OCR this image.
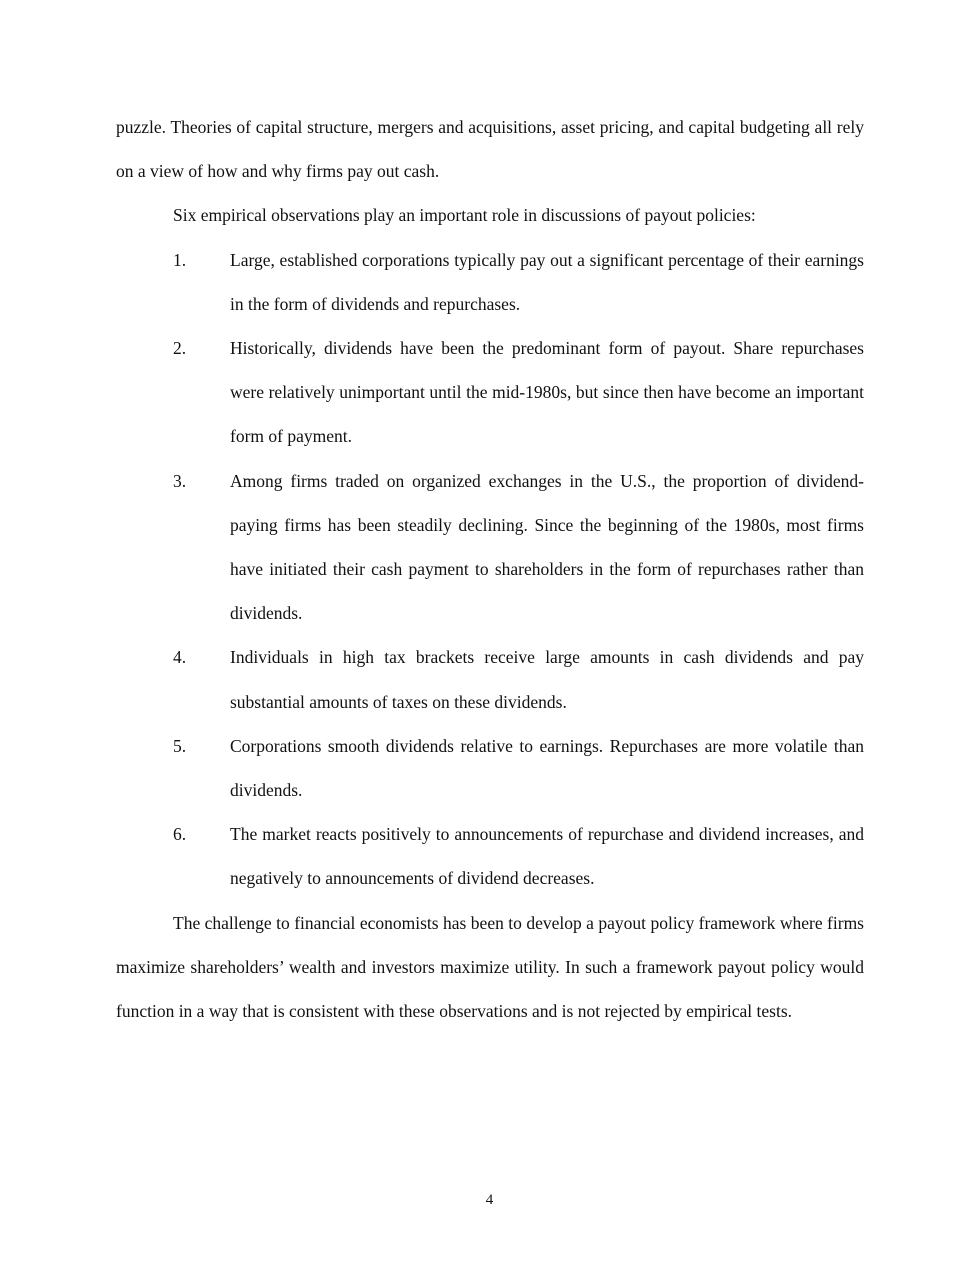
puzzle. Theories of capital structure, mergers and acquisitions, asset pricing, and capital budgeting all rely on a view of how and why firms pay out cash.

Six empirical observations play an important role in discussions of payout policies:

1.	Large, established corporations typically pay out a significant percentage of their earnings in the form of dividends and repurchases.
2.	Historically, dividends have been the predominant form of payout. Share repurchases were relatively unimportant until the mid-1980s, but since then have become an important form of payment.
3.	Among firms traded on organized exchanges in the U.S., the proportion of dividend-paying firms has been steadily declining. Since the beginning of the 1980s, most firms have initiated their cash payment to shareholders in the form of repurchases rather than dividends.
4.	Individuals in high tax brackets receive large amounts in cash dividends and pay substantial amounts of taxes on these dividends.
5.	Corporations smooth dividends relative to earnings. Repurchases are more volatile than dividends.
6.	The market reacts positively to announcements of repurchase and dividend increases, and negatively to announcements of dividend decreases.

The challenge to financial economists has been to develop a payout policy framework where firms maximize shareholders’ wealth and investors maximize utility. In such a framework payout policy would function in a way that is consistent with these observations and is not rejected by empirical tests.

4
